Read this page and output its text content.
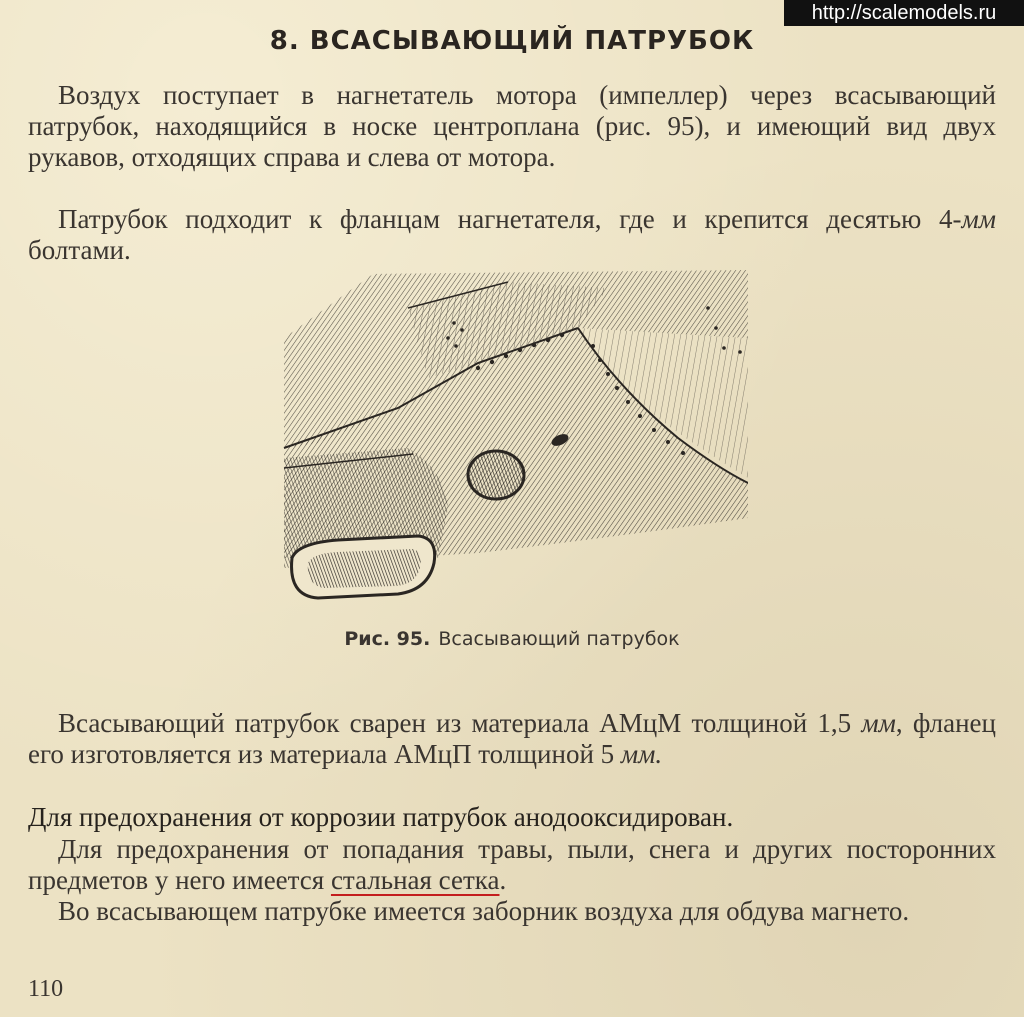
http://scalemodels.ru
8. ВСАСЫВАЮЩИЙ ПАТРУБОК

Воздух поступает в нагнетатель мотора (импеллер) через всасывающий патрубок, находящийся в носке центроплана (рис. 95), и имеющий вид двух рукавов, отходящих справа и слева от мотора.

Патрубок подходит к фланцам нагнетателя, где и крепится десятью 4-мм болтами.

Рис. 95. Всасывающий патрубок

Всасывающий патрубок сварен из материала АМцМ толщиной 1,5 мм, фланец его изготовляется из материала АМцП толщиной 5 мм.

Для предохранения от коррозии патрубок анодооксидирован.

Для предохранения от попадания травы, пыли, снега и других посторонних предметов у него имеется стальная сетка.

Во всасывающем патрубке имеется заборник воздуха для обдува магнето.

110
